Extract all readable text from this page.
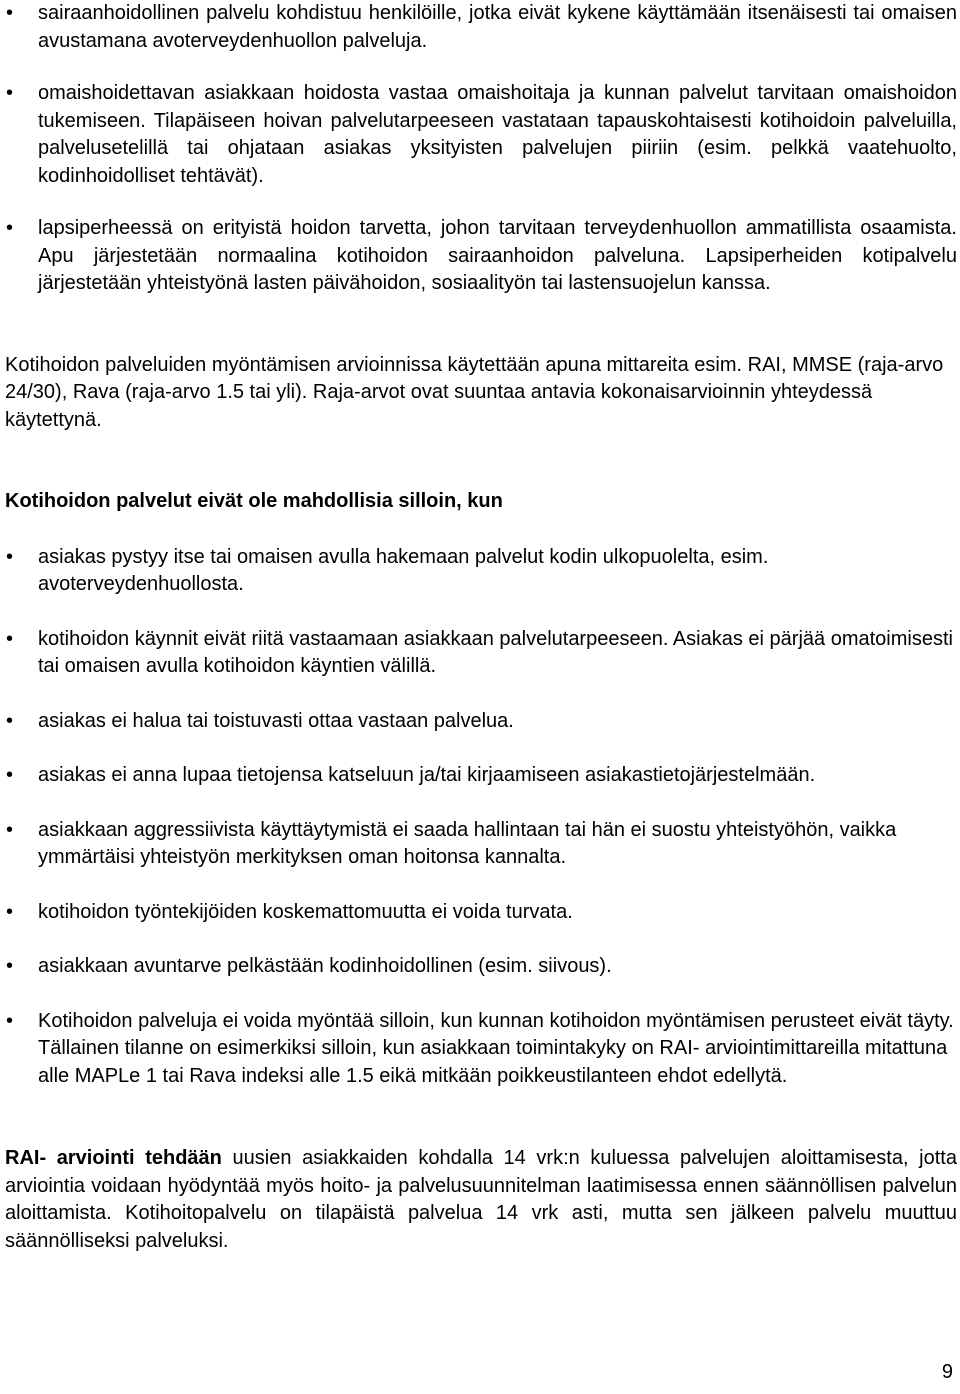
• sairaanhoidollinen palvelu kohdistuu henkilöille, jotka eivät kykene käyttämään itsenäisesti tai omaisen avustamana avoterveydenhuollon palveluja.
• omaishoidettavan asiakkaan hoidosta vastaa omaishoitaja ja kunnan palvelut tarvitaan omaishoidon tukemiseen. Tilapäiseen hoivan palvelutarpeeseen vastataan tapauskohtaisesti kotihoidoin palveluilla, palvelusetelillä tai ohjataan asiakas yksityisten palvelujen piiriin (esim. pelkkä vaatehuolto, kodinhoidolliset tehtävät).
• lapsiperheessä on erityistä hoidon tarvetta, johon tarvitaan terveydenhuollon ammatillista osaamista. Apu järjestetään normaalina kotihoidon sairaanhoidon palveluna. Lapsiperheiden kotipalvelu järjestetään yhteistyönä lasten päivähoidon, sosiaalityön tai lastensuojelun kanssa.

Kotihoidon palveluiden myöntämisen arvioinnissa käytettään apuna mittareita esim. RAI, MMSE (raja-arvo 24/30), Rava (raja-arvo 1.5 tai yli). Raja-arvot ovat suuntaa antavia kokonaisarvioinnin yhteydessä käytettynä.

Kotihoidon palvelut eivät ole mahdollisia silloin, kun

• asiakas pystyy itse tai omaisen avulla hakemaan palvelut kodin ulkopuolelta, esim. avoterveydenhuollosta.
• kotihoidon käynnit eivät riitä vastaamaan asiakkaan palvelutarpeeseen. Asiakas ei pärjää omatoimisesti tai omaisen avulla kotihoidon käyntien välillä.
• asiakas ei halua tai toistuvasti ottaa vastaan palvelua.
• asiakas ei anna lupaa tietojensa katseluun ja/tai kirjaamiseen asiakastietojärjestelmään.
• asiakkaan aggressiivista käyttäytymistä ei saada hallintaan tai hän ei suostu yhteistyöhön, vaikka ymmärtäisi yhteistyön merkityksen oman hoitonsa kannalta.
• kotihoidon työntekijöiden koskemattomuutta ei voida turvata.
• asiakkaan avuntarve pelkästään kodinhoidollinen (esim. siivous).
• Kotihoidon palveluja ei voida myöntää silloin, kun kunnan kotihoidon myöntämisen perusteet eivät täyty. Tällainen tilanne on esimerkiksi silloin, kun asiakkaan toimintakyky on RAI- arviointimittareilla mitattuna alle MAPLe 1 tai Rava indeksi alle 1.5 eikä mitkään poikkeustilanteen ehdot edellytä.

RAI- arviointi tehdään uusien asiakkaiden kohdalla 14 vrk:n kuluessa palvelujen aloittamisesta, jotta arviointia voidaan hyödyntää myös hoito- ja palvelusuunnitelman laatimisessa ennen säännöllisen palvelun aloittamista. Kotihoitopalvelu on tilapäistä palvelua 14 vrk asti, mutta sen jälkeen palvelu muuttuu säännölliseksi palveluksi.

9
